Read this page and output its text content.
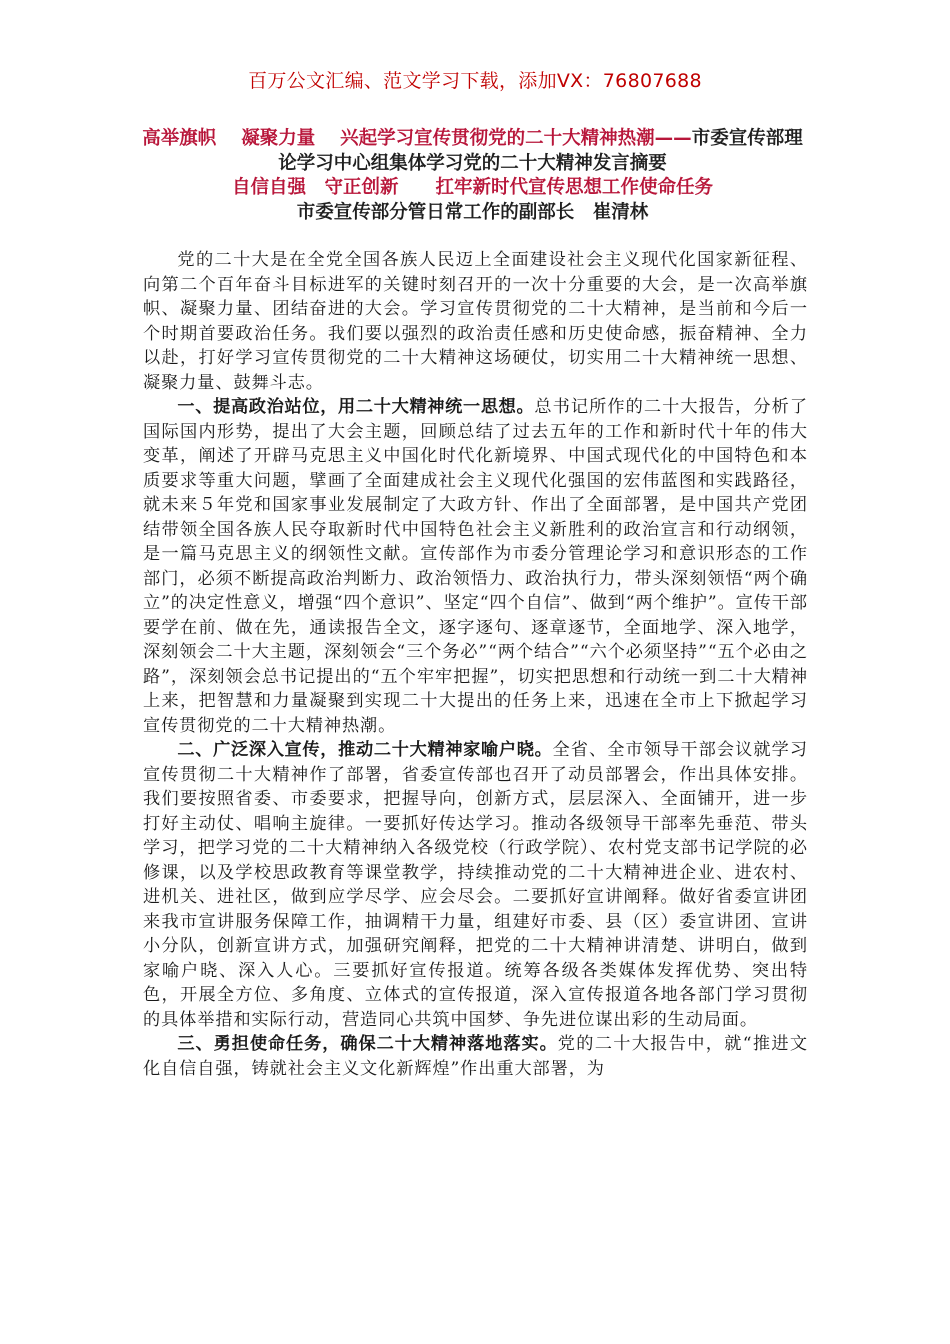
百万公文汇编、范文学习下载，添加VX：76807688
高举旗帜　 凝聚力量　 兴起学习宣传贯彻党的二十大精神热潮——市委宣传部理论学习中心组集体学习党的二十大精神发言摘要
自信自强　守正创新　　扛牢新时代宣传思想工作使命任务
市委宣传部分管日常工作的副部长　崔清林

党的二十大是在全党全国各族人民迈上全面建设社会主义现代化国家新征程、向第二个百年奋斗目标进军的关键时刻召开的一次十分重要的大会，是一次高举旗帜、凝聚力量、团结奋进的大会。学习宣传贯彻党的二十大精神，是当前和今后一个时期首要政治任务。我们要以强烈的政治责任感和历史使命感，振奋精神、全力以赴，打好学习宣传贯彻党的二十大精神这场硬仗，切实用二十大精神统一思想、凝聚力量、鼓舞斗志。

一、提高政治站位，用二十大精神统一思想。总书记所作的二十大报告，分析了国际国内形势，提出了大会主题，回顾总结了过去五年的工作和新时代十年的伟大变革，阐述了开辟马克思主义中国化时代化新境界、中国式现代化的中国特色和本质要求等重大问题，擘画了全面建成社会主义现代化强国的宏伟蓝图和实践路径，就未来５年党和国家事业发展制定了大政方针、作出了全面部署，是中国共产党团结带领全国各族人民夺取新时代中国特色社会主义新胜利的政治宣言和行动纲领，是一篇马克思主义的纲领性文献。宣传部作为市委分管理论学习和意识形态的工作部门，必须不断提高政治判断力、政治领悟力、政治执行力，带头深刻领悟“两个确立”的决定性意义，增强“四个意识”、坚定“四个自信”、做到“两个维护”。宣传干部要学在前、做在先，通读报告全文，逐字逐句、逐章逐节，全面地学、深入地学，深刻领会二十大主题，深刻领会“三个务必”“两个结合”“六个必须坚持”“五个必由之路”，深刻领会总书记提出的“五个牢牢把握”，切实把思想和行动统一到二十大精神上来，把智慧和力量凝聚到实现二十大提出的任务上来，迅速在全市上下掀起学习宣传贯彻党的二十大精神热潮。

二、广泛深入宣传，推动二十大精神家喻户晓。全省、全市领导干部会议就学习宣传贯彻二十大精神作了部署，省委宣传部也召开了动员部署会，作出具体安排。我们要按照省委、市委要求，把握导向，创新方式，层层深入、全面铺开，进一步打好主动仗、唱响主旋律。一要抓好传达学习。推动各级领导干部率先垂范、带头学习，把学习党的二十大精神纳入各级党校（行政学院）、农村党支部书记学院的必修课，以及学校思政教育等课堂教学，持续推动党的二十大精神进企业、进农村、进机关、进社区，做到应学尽学、应会尽会。二要抓好宣讲阐释。做好省委宣讲团来我市宣讲服务保障工作，抽调精干力量，组建好市委、县（区）委宣讲团、宣讲小分队，创新宣讲方式，加强研究阐释，把党的二十大精神讲清楚、讲明白，做到家喻户晓、深入人心。三要抓好宣传报道。统筹各级各类媒体发挥优势、突出特色，开展全方位、多角度、立体式的宣传报道，深入宣传报道各地各部门学习贯彻的具体举措和实际行动，营造同心共筑中国梦、争先进位谋出彩的生动局面。

三、勇担使命任务，确保二十大精神落地落实。党的二十大报告中，就“推进文化自信自强，铸就社会主义文化新辉煌”作出重大部署，为
